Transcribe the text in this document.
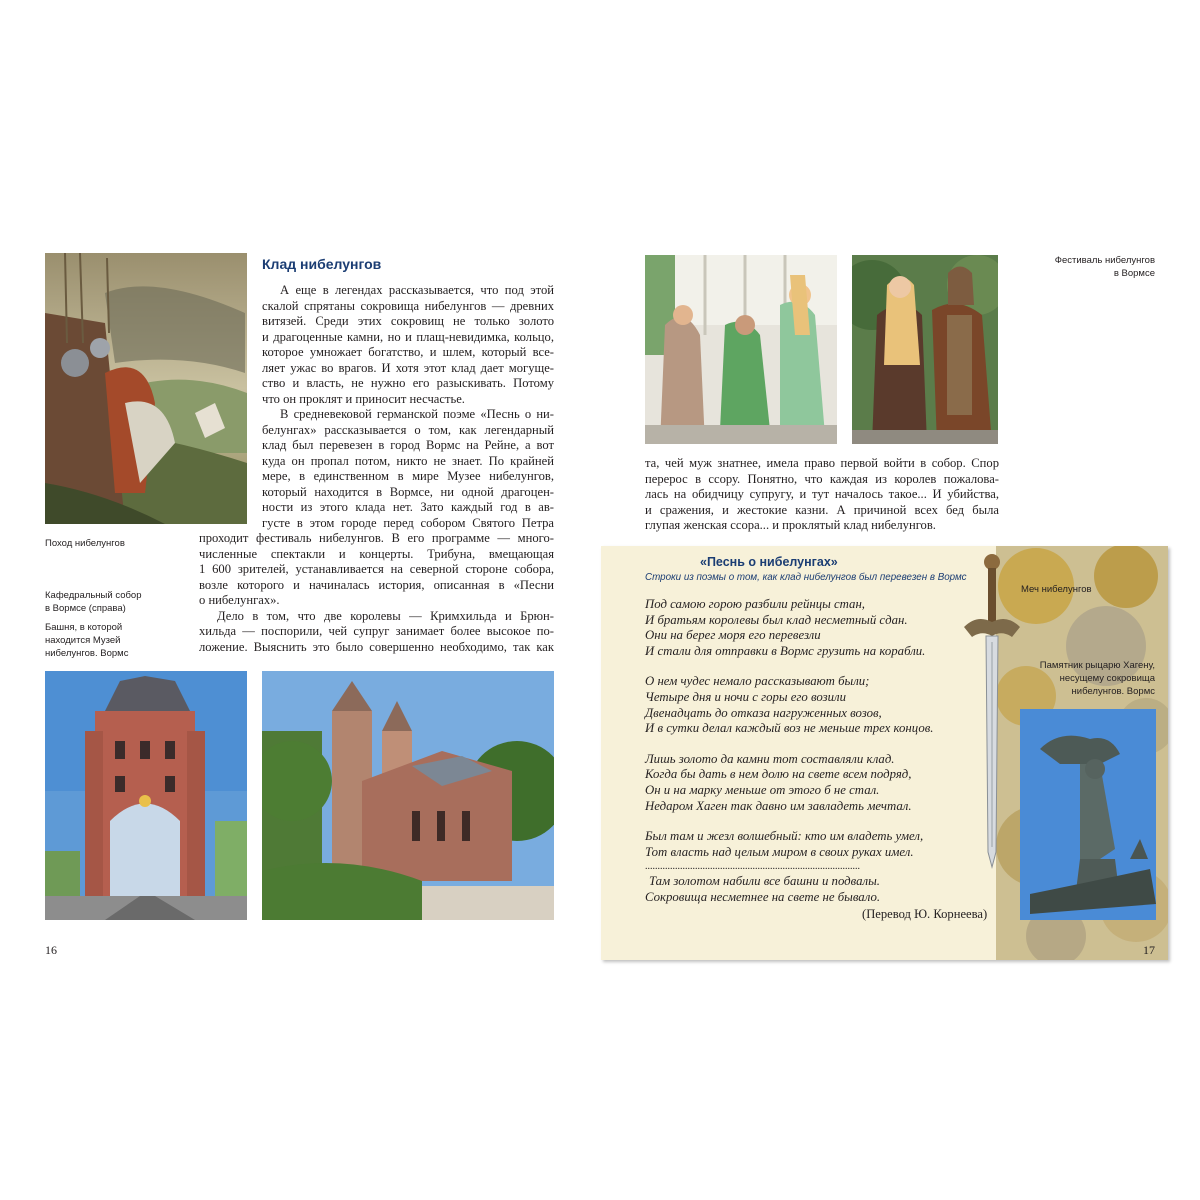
Поход нибелунгов
Кафедральный собор
в Вормсе (справа)
Башня, в которой
находится Музей
нибелунгов. Вормс
Клад нибелунгов
А еще в легендах рассказывается, что под этой
скалой спрятаны сокровища нибелунгов — древних
витязей. Среди этих сокровищ не только золото
и драгоценные камни, но и плащ-невидимка, кольцо,
которое умножает богатство, и шлем, который все-
ляет ужас во врагов. И хотя этот клад дает могуще-
ство и власть, не нужно его разыскивать. Потому
что он проклят и приносит несчастье.
В средневековой германской поэме «Песнь о ни-
белунгах» рассказывается о том, как легендарный
клад был перевезен в город Вормс на Рейне, а вот
куда он пропал потом, никто не знает. По крайней
мере, в единственном в мире Музее нибелунгов,
который находится в Вормсе, ни одной драгоцен-
ности из этого клада нет. Зато каждый год в ав-
густе в этом городе перед собором Святого Петра
проходит фестиваль нибелунгов. В его программе — много-
численные спектакли и концерты. Трибуна, вмещающая
1 600 зрителей, устанавливается на северной стороне собора,
возле которого и начиналась история, описанная в «Песни
о нибелунгах».
Дело в том, что две королевы — Кримхильда и Брюн-
хильда — поспорили, чей супруг занимает более высокое по-
ложение. Выяснить это было совершенно необходимо, так как
16
Фестиваль нибелунгов
в Вормсе
та, чей муж знатнее, имела право первой войти в собор. Спор
перерос в ссору. Понятно, что каждая из королев пожалова-
лась на обидчицу супругу, и тут началось такое... И убийства,
и сражения, и жестокие казни. А причиной всех бед была
глупая женская ссора... и проклятый клад нибелунгов.
«Песнь о нибелунгах»
Строки из поэмы о том, как клад нибелунгов был перевезен в Вормс
Под самою горою разбили рейнцы стан,
И братьям королевы был клад несметный сдан.
Они на берег моря его перевезли
И стали для отправки в Вормс грузить на корабли.
О нем чудес немало рассказывают были;
Четыре дня и ночи с горы его возили
Двенадцать до отказа нагруженных возов,
И в сутки делал каждый воз не меньше трех концов.
Лишь золото да камни тот составляли клад.
Когда бы дать в нем долю на свете всем подряд,
Он и на марку меньше от этого б не стал.
Недаром Хаген так давно им завладеть мечтал.
Был там и жезл волшебный: кто им владеть умел,
Тот власть над целым миром в своих руках имел.
......................................................................................
Там золотом набили все башни и подвалы.
Сокровища несметнее на свете не бывало.
(Перевод Ю. Корнеева)
Меч нибелунгов
Памятник рыцарю Хагену,
несущему сокровища
нибелунгов. Вормс
17
